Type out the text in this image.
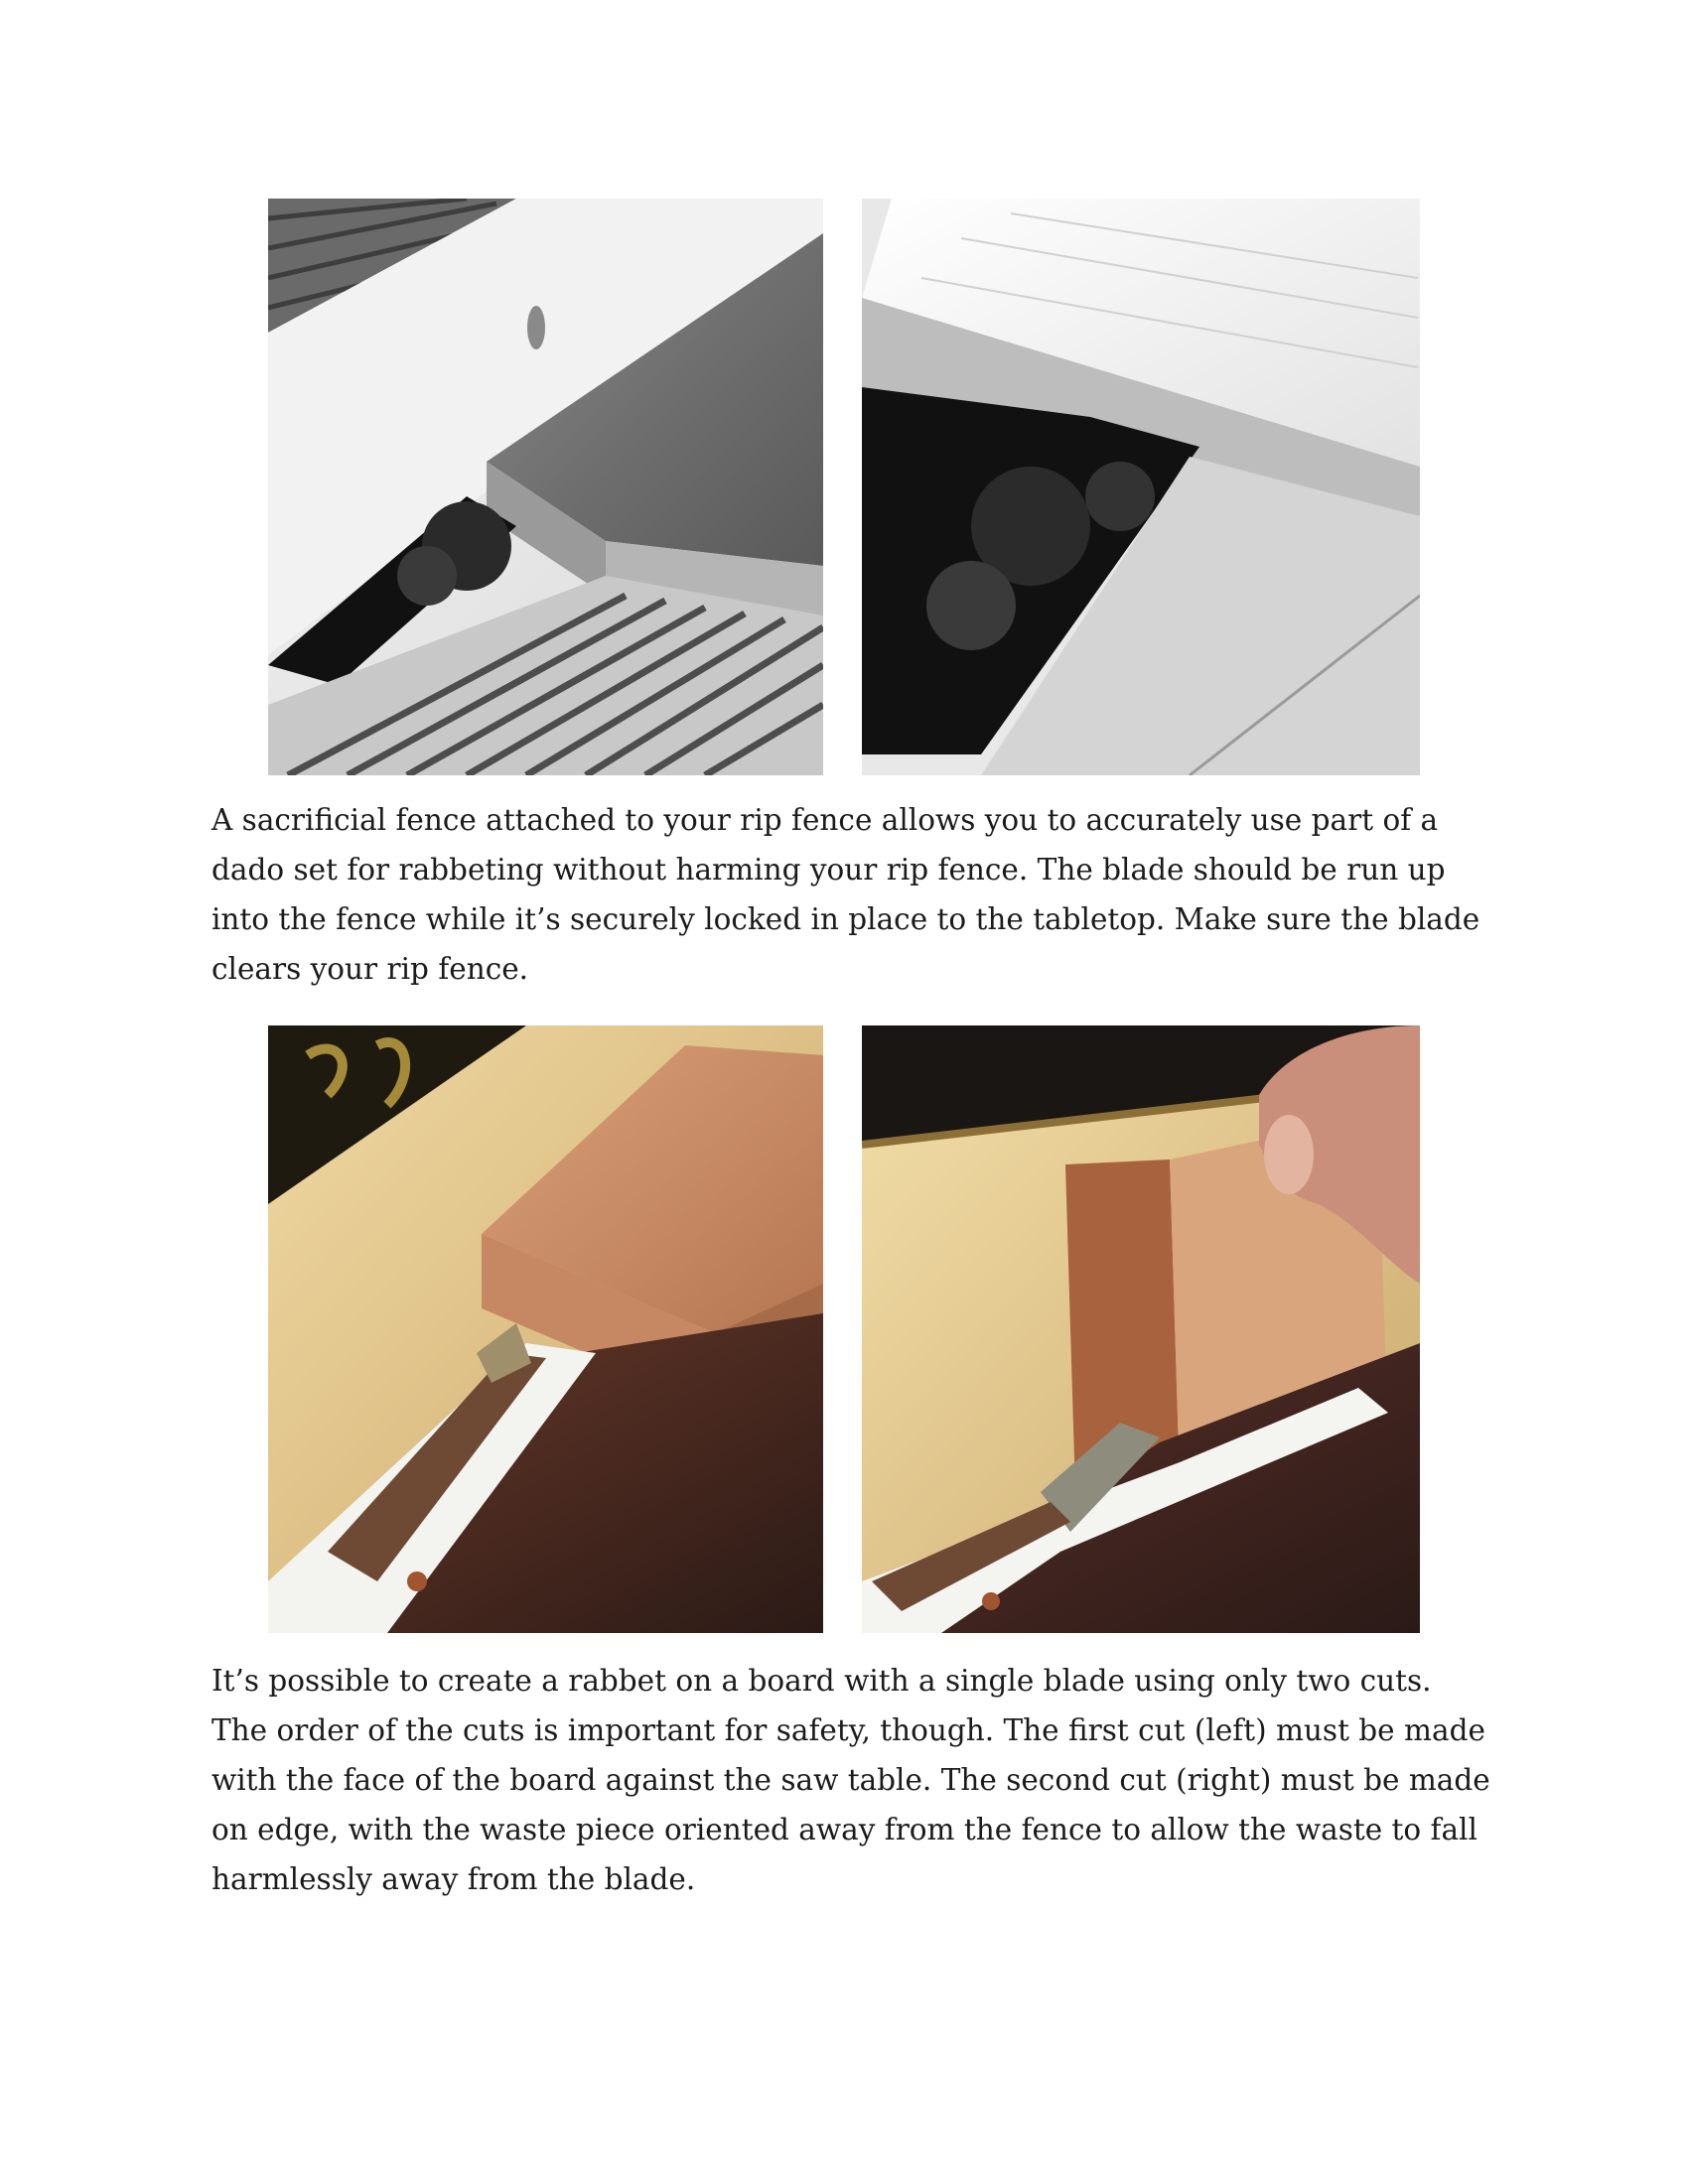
A sacrificial fence attached to your rip fence allows you to accurately use part of a dado set for rabbeting without harming your rip fence. The blade should be run up into the fence while it’s securely locked in place to the tabletop. Make sure the blade clears your rip fence.

It’s possible to create a rabbet on a board with a single blade using only two cuts. The order of the cuts is important for safety, though. The first cut (left) must be made with the face of the board against the saw table. The second cut (right) must be made on edge, with the waste piece oriented away from the fence to allow the waste to fall harmlessly away from the blade.
